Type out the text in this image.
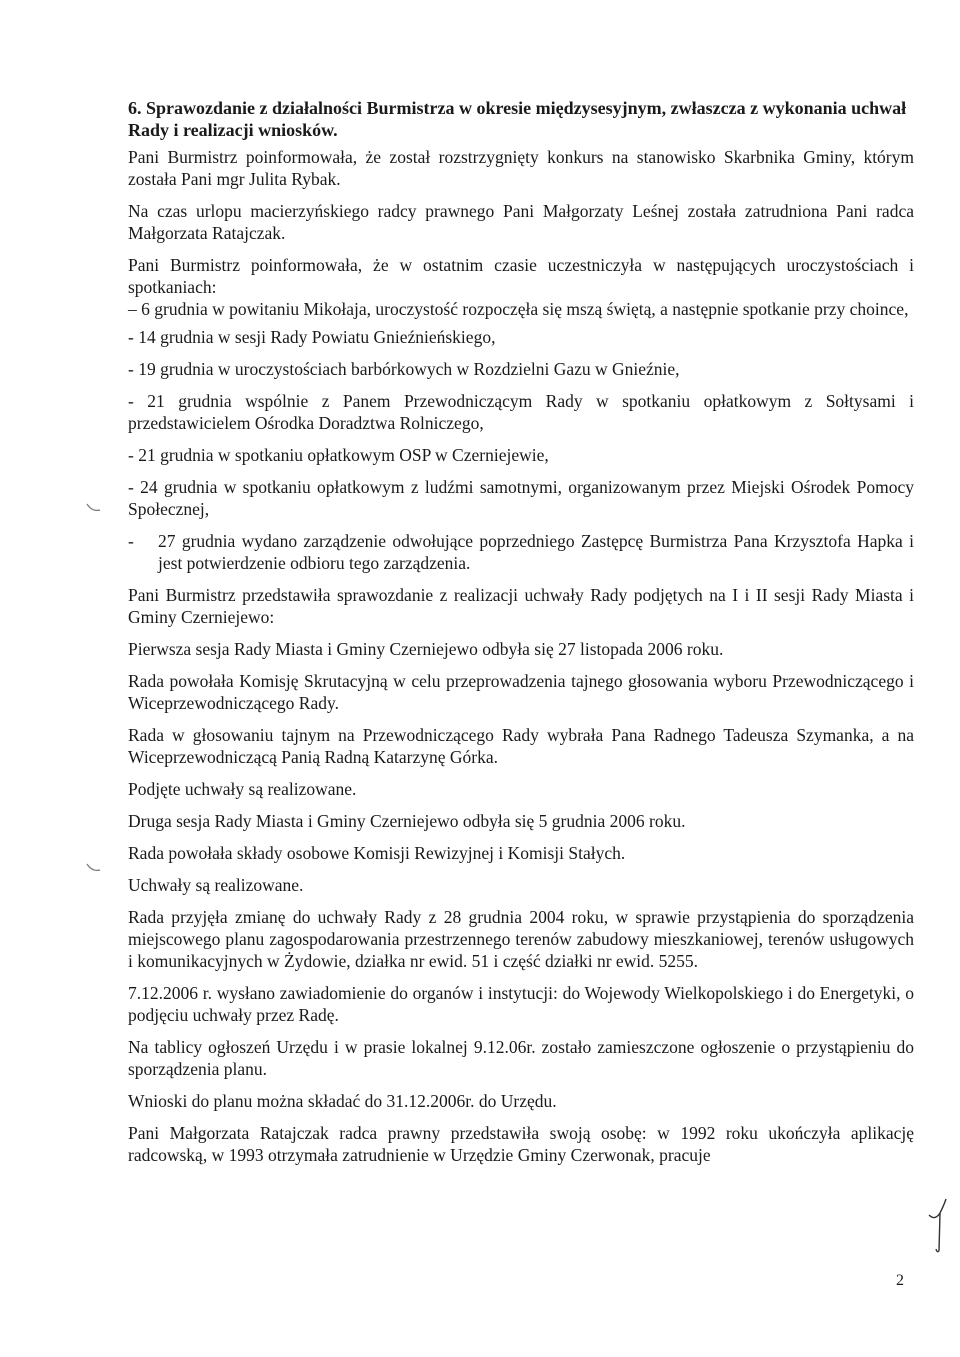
6. Sprawozdanie z działalności Burmistrza w okresie międzysesyjnym, zwłaszcza z wykonania uchwał Rady i realizacji wniosków.
Pani Burmistrz poinformowała, że został rozstrzygnięty konkurs na stanowisko Skarbnika Gminy, którym została Pani mgr Julita Rybak.
Na czas urlopu macierzyńskiego radcy prawnego Pani Małgorzaty Leśnej została zatrudniona Pani radca Małgorzata Ratajczak.
Pani Burmistrz poinformowała, że w ostatnim czasie uczestniczyła w następujących uroczystościach i spotkaniach:
– 6 grudnia w powitaniu Mikołaja, uroczystość rozpoczęła się mszą świętą, a następnie spotkanie przy choince,
- 14 grudnia w sesji Rady Powiatu Gnieźnieńskiego,
- 19 grudnia w uroczystościach barbórkowych w Rozdzielni Gazu w Gnieźnie,
- 21 grudnia wspólnie z Panem Przewodniczącym Rady w spotkaniu opłatkowym z Sołtysami i przedstawicielem Ośrodka Doradztwa Rolniczego,
- 21 grudnia w spotkaniu opłatkowym OSP w Czerniejewie,
- 24 grudnia w spotkaniu opłatkowym z ludźmi samotnymi, organizowanym przez Miejski Ośrodek Pomocy Społecznej,
-	27 grudnia wydano zarządzenie odwołujące poprzedniego Zastępcę Burmistrza Pana Krzysztofa Hapka i jest potwierdzenie odbioru tego zarządzenia.
Pani Burmistrz przedstawiła sprawozdanie z realizacji uchwały Rady podjętych na I i II sesji Rady Miasta i Gminy Czerniejewo:
Pierwsza sesja Rady Miasta i Gminy Czerniejewo odbyła się 27 listopada 2006 roku.
Rada powołała Komisję Skrutacyjną w celu przeprowadzenia tajnego głosowania wyboru Przewodniczącego i Wiceprzewodniczącego Rady.
Rada w głosowaniu tajnym na Przewodniczącego Rady wybrała Pana Radnego Tadeusza Szymanka, a na Wiceprzewodniczącą Panią Radną Katarzynę Górka.
Podjęte uchwały są realizowane.
Druga sesja Rady Miasta i Gminy Czerniejewo odbyła się 5 grudnia 2006 roku.
Rada powołała składy osobowe Komisji Rewizyjnej i Komisji Stałych.
Uchwały są realizowane.
Rada przyjęła zmianę do uchwały Rady z 28 grudnia 2004 roku, w sprawie przystąpienia do sporządzenia miejscowego planu zagospodarowania przestrzennego terenów zabudowy mieszkaniowej, terenów usługowych i komunikacyjnych w Żydowie, działka nr ewid. 51 i część działki nr ewid. 5255.
7.12.2006 r. wysłano zawiadomienie do organów i instytucji: do Wojewody Wielkopolskiego i do Energetyki, o podjęciu uchwały przez Radę.
Na tablicy ogłoszeń Urzędu i w prasie lokalnej 9.12.06r. zostało zamieszczone ogłoszenie o przystąpieniu do sporządzenia planu.
Wnioski do planu można składać do 31.12.2006r. do Urzędu.
Pani Małgorzata Ratajczak radca prawny przedstawiła swoją osobę: w 1992 roku ukończyła aplikację radcowską, w 1993 otrzymała zatrudnienie w Urzędzie Gminy Czerwonak, pracuje
2
